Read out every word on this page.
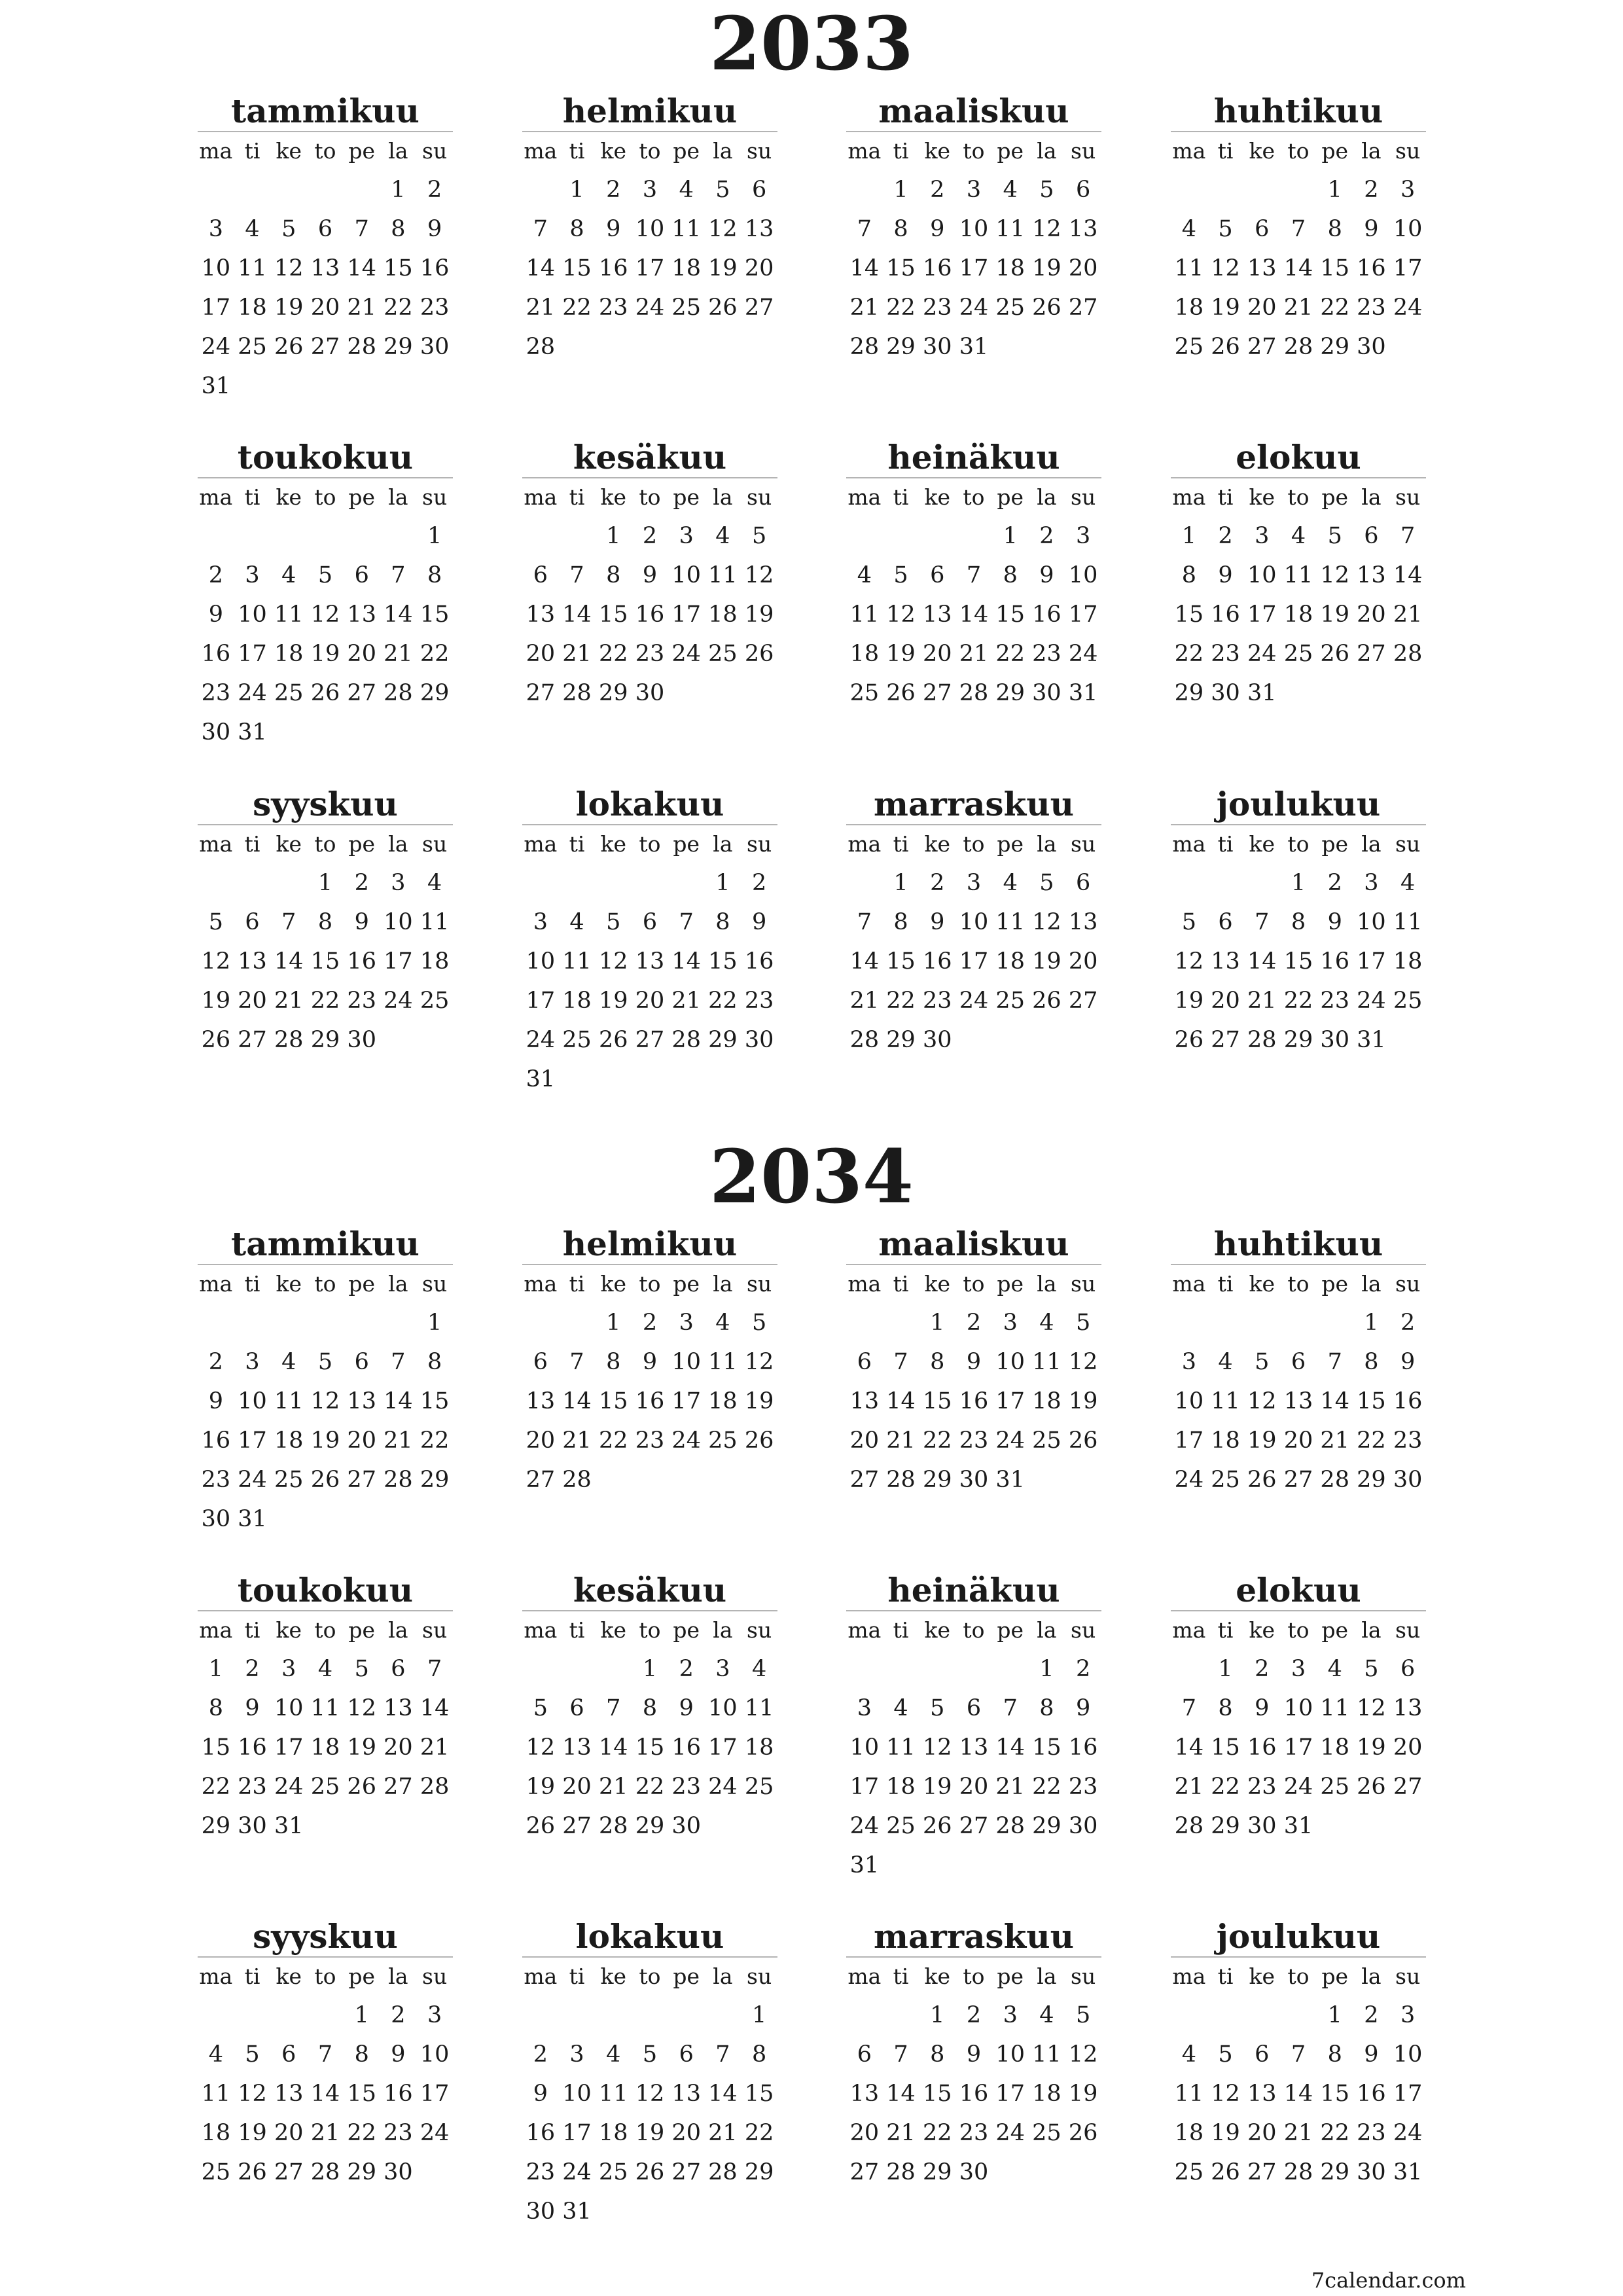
2033
tammikuu
ma ti ke to pe la su
1 2
3 4 5 6 7 8 9
10 11 12 13 14 15 16
17 18 19 20 21 22 23
24 25 26 27 28 29 30
31
helmikuu
ma ti ke to pe la su
1 2 3 4 5 6
7 8 9 10 11 12 13
14 15 16 17 18 19 20
21 22 23 24 25 26 27
28
maaliskuu
ma ti ke to pe la su
1 2 3 4 5 6
7 8 9 10 11 12 13
14 15 16 17 18 19 20
21 22 23 24 25 26 27
28 29 30 31
huhtikuu
ma ti ke to pe la su
1 2 3
4 5 6 7 8 9 10
11 12 13 14 15 16 17
18 19 20 21 22 23 24
25 26 27 28 29 30
toukokuu
ma ti ke to pe la su
1
2 3 4 5 6 7 8
9 10 11 12 13 14 15
16 17 18 19 20 21 22
23 24 25 26 27 28 29
30 31
kesäkuu
ma ti ke to pe la su
1 2 3 4 5
6 7 8 9 10 11 12
13 14 15 16 17 18 19
20 21 22 23 24 25 26
27 28 29 30
heinäkuu
ma ti ke to pe la su
1 2 3
4 5 6 7 8 9 10
11 12 13 14 15 16 17
18 19 20 21 22 23 24
25 26 27 28 29 30 31
elokuu
ma ti ke to pe la su
1 2 3 4 5 6 7
8 9 10 11 12 13 14
15 16 17 18 19 20 21
22 23 24 25 26 27 28
29 30 31
syyskuu
ma ti ke to pe la su
1 2 3 4
5 6 7 8 9 10 11
12 13 14 15 16 17 18
19 20 21 22 23 24 25
26 27 28 29 30
lokakuu
ma ti ke to pe la su
1 2
3 4 5 6 7 8 9
10 11 12 13 14 15 16
17 18 19 20 21 22 23
24 25 26 27 28 29 30
31
marraskuu
ma ti ke to pe la su
1 2 3 4 5 6
7 8 9 10 11 12 13
14 15 16 17 18 19 20
21 22 23 24 25 26 27
28 29 30
joulukuu
ma ti ke to pe la su
1 2 3 4
5 6 7 8 9 10 11
12 13 14 15 16 17 18
19 20 21 22 23 24 25
26 27 28 29 30 31
2034
tammikuu
ma ti ke to pe la su
1
2 3 4 5 6 7 8
9 10 11 12 13 14 15
16 17 18 19 20 21 22
23 24 25 26 27 28 29
30 31
helmikuu
ma ti ke to pe la su
1 2 3 4 5
6 7 8 9 10 11 12
13 14 15 16 17 18 19
20 21 22 23 24 25 26
27 28
maaliskuu
ma ti ke to pe la su
1 2 3 4 5
6 7 8 9 10 11 12
13 14 15 16 17 18 19
20 21 22 23 24 25 26
27 28 29 30 31
huhtikuu
ma ti ke to pe la su
1 2
3 4 5 6 7 8 9
10 11 12 13 14 15 16
17 18 19 20 21 22 23
24 25 26 27 28 29 30
toukokuu
ma ti ke to pe la su
1 2 3 4 5 6 7
8 9 10 11 12 13 14
15 16 17 18 19 20 21
22 23 24 25 26 27 28
29 30 31
kesäkuu
ma ti ke to pe la su
1 2 3 4
5 6 7 8 9 10 11
12 13 14 15 16 17 18
19 20 21 22 23 24 25
26 27 28 29 30
heinäkuu
ma ti ke to pe la su
1 2
3 4 5 6 7 8 9
10 11 12 13 14 15 16
17 18 19 20 21 22 23
24 25 26 27 28 29 30
31
elokuu
ma ti ke to pe la su
1 2 3 4 5 6
7 8 9 10 11 12 13
14 15 16 17 18 19 20
21 22 23 24 25 26 27
28 29 30 31
syyskuu
ma ti ke to pe la su
1 2 3
4 5 6 7 8 9 10
11 12 13 14 15 16 17
18 19 20 21 22 23 24
25 26 27 28 29 30
lokakuu
ma ti ke to pe la su
1
2 3 4 5 6 7 8
9 10 11 12 13 14 15
16 17 18 19 20 21 22
23 24 25 26 27 28 29
30 31
marraskuu
ma ti ke to pe la su
1 2 3 4 5
6 7 8 9 10 11 12
13 14 15 16 17 18 19
20 21 22 23 24 25 26
27 28 29 30
joulukuu
ma ti ke to pe la su
1 2 3
4 5 6 7 8 9 10
11 12 13 14 15 16 17
18 19 20 21 22 23 24
25 26 27 28 29 30 31
7calendar.com
